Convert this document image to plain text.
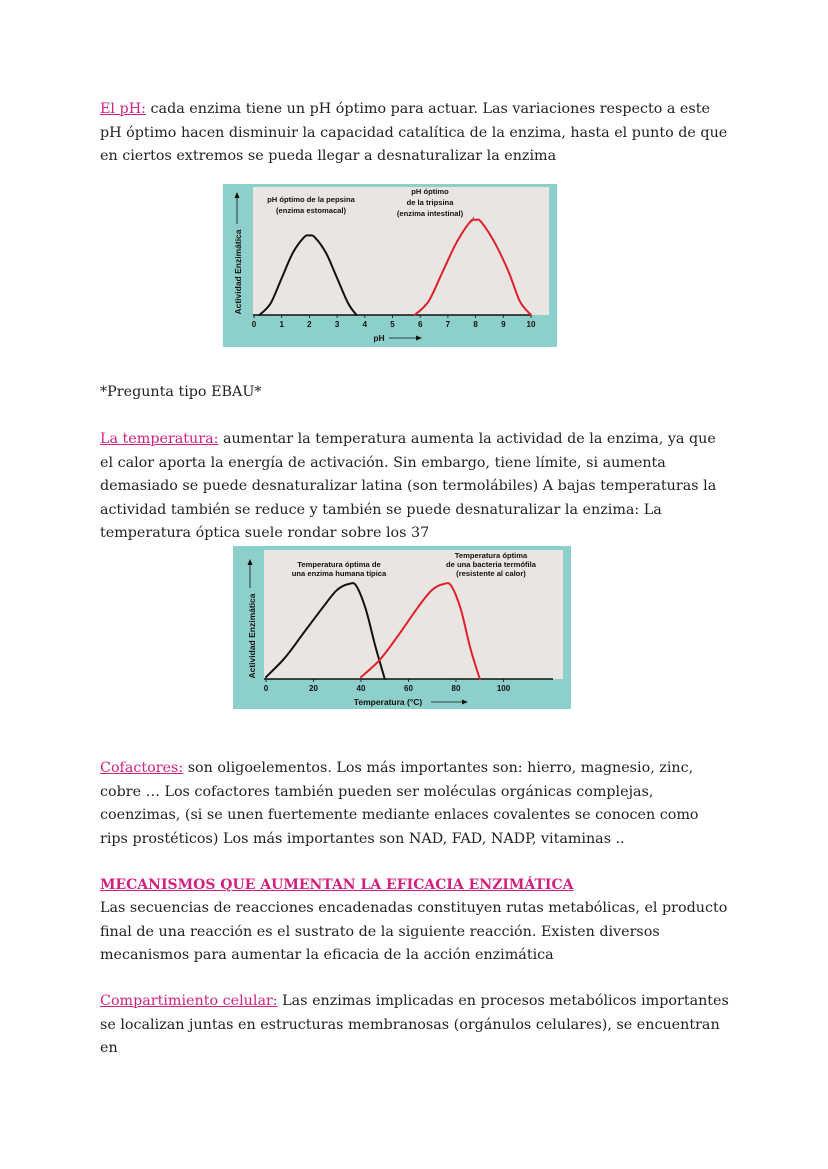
El pH: cada enzima tiene un pH óptimo para actuar. Las variaciones respecto a este pH óptimo hacen disminuir la capacidad catalítica de la enzima, hasta el punto de que en ciertos extremos se pueda llegar a desnaturalizar la enzima

Actividad Enzimática
pH
pH óptimo de la pepsina
(enzima estomacal)
pH óptimo
de la tripsina
(enzima intestinal)
0	1	2	3	4	5	6	7	8	9	10

*Pregunta tipo EBAU*

La temperatura: aumentar la temperatura aumenta la actividad de la enzima, ya que el calor aporta la energía de activación. Sin embargo, tiene límite, si aumenta demasiado se puede desnaturalizar latina (son termolábiles) A bajas temperaturas la actividad también se reduce y también se puede desnaturalizar la enzima: La temperatura óptica suele rondar sobre los 37

Actividad Enzimática
Temperatura (°C)
Temperatura óptima de
una enzima humana típica
Temperatura óptima
de una bacteria termófila
(resistente al calor)
0	20	40	60	80	100

Cofactores: son oligoelementos. Los más importantes son: hierro, magnesio, zinc, cobre … Los cofactores también pueden ser moléculas orgánicas complejas, coenzimas, (si se unen fuertemente mediante enlaces covalentes se conocen como rips prostéticos) Los más importantes son NAD, FAD, NADP, vitaminas ..

MECANISMOS QUE AUMENTAN LA EFICACIA ENZIMÁTICA

Las secuencias de reacciones encadenadas constituyen rutas metabólicas, el producto final de una reacción es el sustrato de la siguiente reacción. Existen diversos mecanismos para aumentar la eficacia de la acción enzimática

Compartimiento celular: Las enzimas implicadas en procesos metabólicos importantes se localizan juntas en estructuras membranosas (orgánulos celulares), se encuentran en
